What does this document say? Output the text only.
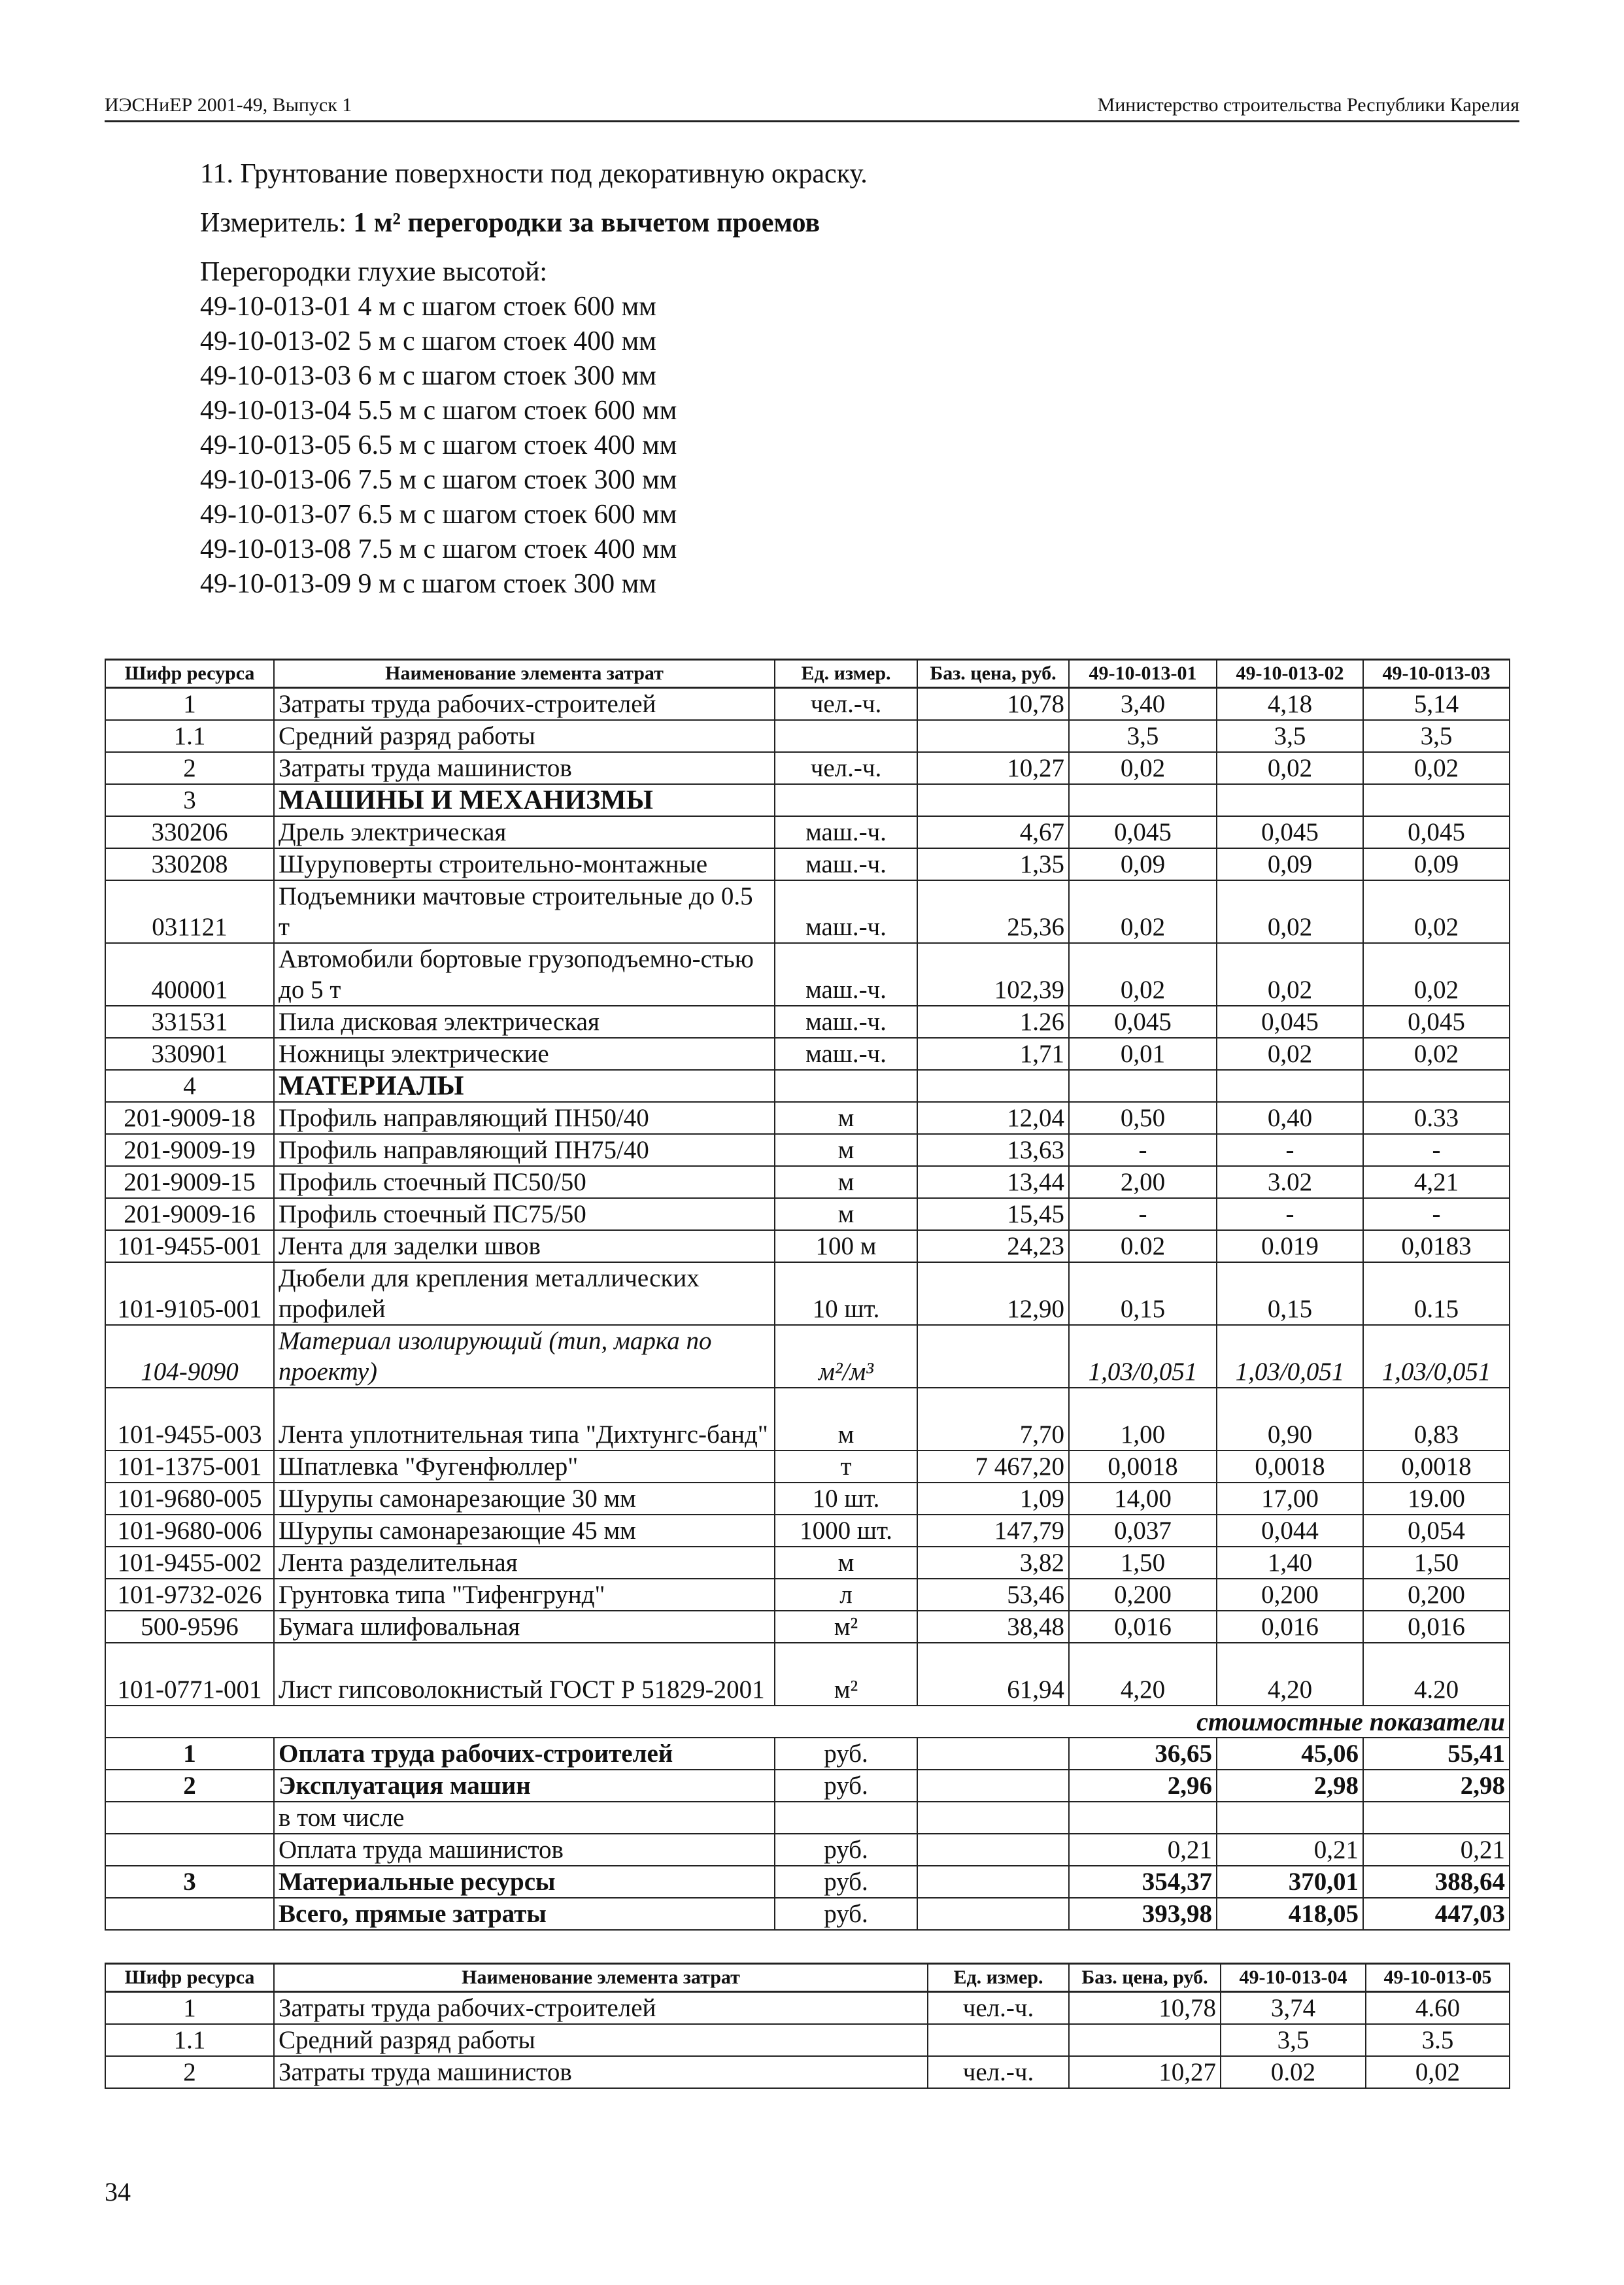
ИЭСНиЕР 2001-49, Выпуск 1	Министерство строительства Республики Карелия

11. Грунтование поверхности под декоративную окраску.

Измеритель: 1 м² перегородки за вычетом проемов

Перегородки глухие высотой:

49-10-013-01 4 м с шагом стоек 600 мм

49-10-013-02 5 м с шагом стоек 400 мм

49-10-013-03 6 м с шагом стоек 300 мм

49-10-013-04 5.5 м с шагом стоек 600 мм

49-10-013-05 6.5 м с шагом стоек 400 мм

49-10-013-06 7.5 м с шагом стоек 300 мм

49-10-013-07 6.5 м с шагом стоек 600 мм

49-10-013-08 7.5 м с шагом стоек 400 мм

49-10-013-09 9 м с шагом стоек 300 мм

Шифр ресурса	Наименование элемента затрат	Ед. измер.	Баз. цена, руб.	49-10-013-01	49-10-013-02	49-10-013-03
1	Затраты труда рабочих-строителей	чел.-ч.	10,78	3,40	4,18	5,14
1.1	Средний разряд работы			3,5	3,5	3,5
2	Затраты труда машинистов	чел.-ч.	10,27	0,02	0,02	0,02
3	МАШИНЫ И МЕХАНИЗМЫ					
330206	Дрель электрическая	маш.-ч.	4,67	0,045	0,045	0,045
330208	Шуруповерты строительно-монтажные	маш.-ч.	1,35	0,09	0,09	0,09
031121	Подъемники мачтовые строительные до 0.5 т	маш.-ч.	25,36	0,02	0,02	0,02
400001	Автомобили бортовые грузоподъемно-стью до 5 т	маш.-ч.	102,39	0,02	0,02	0,02
331531	Пила дисковая электрическая	маш.-ч.	1.26	0,045	0,045	0,045
330901	Ножницы электрические	маш.-ч.	1,71	0,01	0,02	0,02
4	МАТЕРИАЛЫ					
201-9009-18	Профиль направляющий ПН50/40	м	12,04	0,50	0,40	0.33
201-9009-19	Профиль направляющий ПН75/40	м	13,63	-	-	-
201-9009-15	Профиль стоечный ПС50/50	м	13,44	2,00	3.02	4,21
201-9009-16	Профиль стоечный ПС75/50	м	15,45	-	-	-
101-9455-001	Лента для заделки швов	100 м	24,23	0.02	0.019	0,0183
101-9105-001	Дюбели для крепления металлических профилей	10 шт.	12,90	0,15	0,15	0.15
104-9090	Материал изолирующий (тип, марка по проекту)	м²/м³		1,03/0,051	1,03/0,051	1,03/0,051
101-9455-003	Лента уплотнительная типа "Дихтунгс-банд"	м	7,70	1,00	0,90	0,83
101-1375-001	Шпатлевка "Фугенфюллер"	т	7 467,20	0,0018	0,0018	0,0018
101-9680-005	Шурупы самонарезающие 30 мм	10 шт.	1,09	14,00	17,00	19.00
101-9680-006	Шурупы самонарезающие 45 мм	1000 шт.	147,79	0,037	0,044	0,054
101-9455-002	Лента разделительная	м	3,82	1,50	1,40	1,50
101-9732-026	Грунтовка типа "Тифенгрунд"	л	53,46	0,200	0,200	0,200
500-9596	Бумага шлифовальная	м²	38,48	0,016	0,016	0,016
101-0771-001	Лист гипсоволокнистый ГОСТ Р 51829-2001	м²	61,94	4,20	4,20	4.20
стоимостные показатели						
1	Оплата труда рабочих-строителей	руб.		36,65	45,06	55,41
2	Эксплуатация машин	руб.		2,96	2,98	2,98
	в том числе					
	Оплата труда машинистов	руб.		0,21	0,21	0,21
3	Материальные ресурсы	руб.		354,37	370,01	388,64
	Всего, прямые затраты	руб.		393,98	418,05	447,03
Шифр ресурса	Наименование элемента затрат	Ед. измер.	Баз. цена, руб.	49-10-013-04	49-10-013-05
1	Затраты труда рабочих-строителей	чел.-ч.	10,78	3,74	4.60
1.1	Средний разряд работы			3,5	3.5
2	Затраты труда машинистов	чел.-ч.	10,27	0.02	0,02
34
